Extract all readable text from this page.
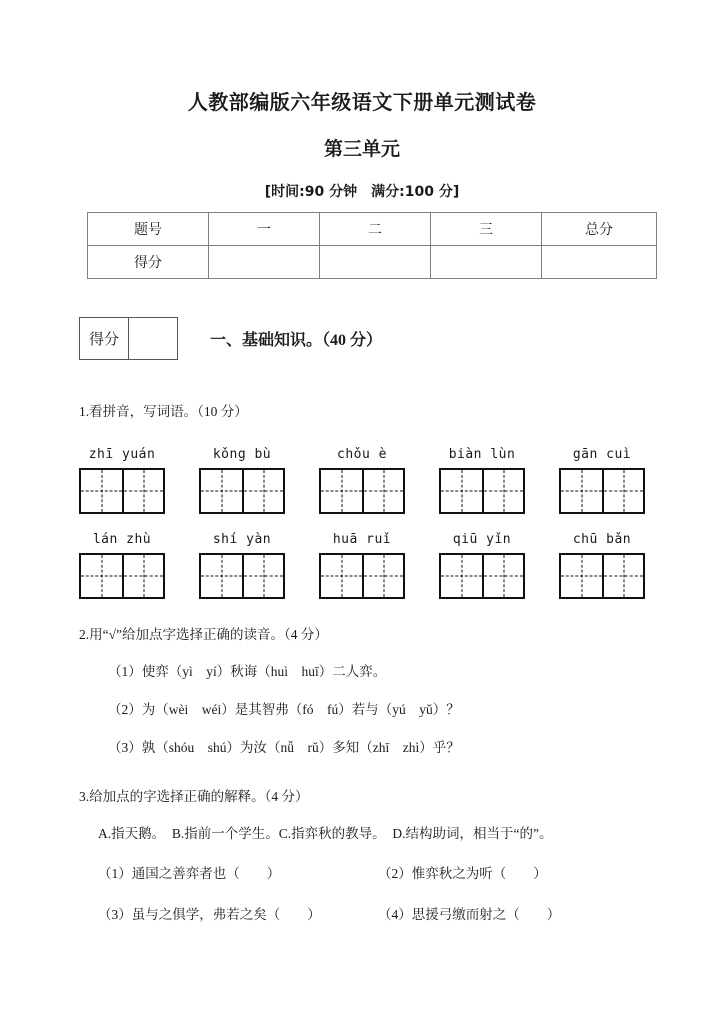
人教部编版六年级语文下册单元测试卷
第三单元
[时间:90 分钟　满分:100 分]
题号	一	二	三	总分
得分				
得分	一、基础知识。（40 分）
1.看拼音，写词语。（10 分）
zhī yuán	kǒng bù	chǒu è	biàn lùn	gān cuì
lán zhù	shí yàn	huā ruǐ	qiū yǐn	chū bǎn
2.用“√”给加点字选择正确的读音。（4 分）
（1）使弈（yì　yí）秋诲（huì　huī）二人弈。
（2）为（wèi　wéi）是其智弗（fó　fú）若与（yú　yǔ）？
（3）孰（shóu　shú）为汝（nǚ　rǔ）多知（zhī　zhì）乎？
3.给加点的字选择正确的解释。（4 分）
A.指天鹅。　B.指前一个学生。C.指弈秋的教导。　D.结构助词，相当于“的”。
（1）通国之善弈者也（　　）	（2）惟弈秋之为听（　　）
（3）虽与之俱学，弗若之矣（　　）	（4）思援弓缴而射之（　　）
